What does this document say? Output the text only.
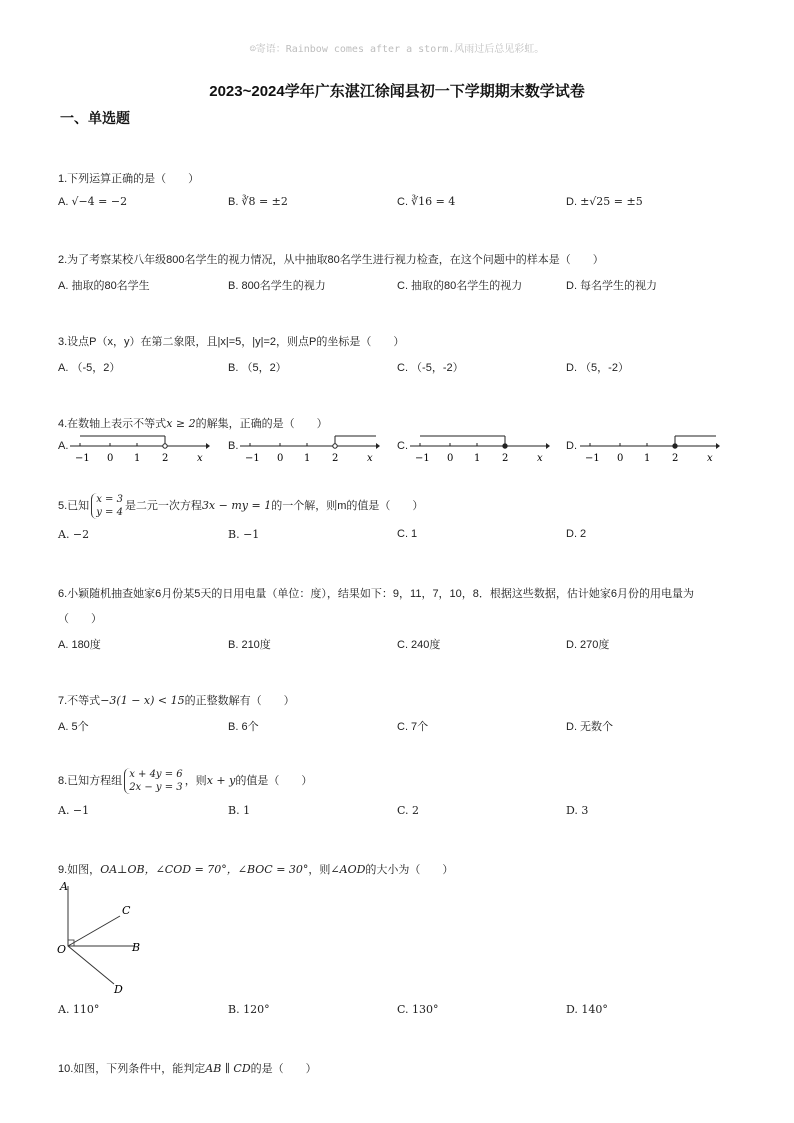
☺寄语：Rainbow comes after a storm.风雨过后总见彩虹。
2023~2024学年广东湛江徐闻县初一下学期期末数学试卷
一、单选题
1.下列运算正确的是（　　）
A. √−4 = −2	B. ∛8 = ±2	C. ∛16 = 4	D. ±√25 = ±5
2.为了考察某校八年级800名学生的视力情况，从中抽取80名学生进行视力检查，在这个问题中的样本是（　　）
A. 抽取的80名学生	B. 800名学生的视力	C. 抽取的80名学生的视力	D. 每名学生的视力
3.设点P（x，y）在第二象限，且|x|=5，|y|=2，则点P的坐标是（　　）
A. （-5，2）	B. （5，2）	C. （-5，-2）	D. （5，-2）
4.在数轴上表示不等式x ≥ 2的解集，正确的是（　　）
A.	B.	C.	D.
−1 0 1 2	x	−1 0 1 2	x	−1 0 1 2	x	−1 0 1 2	x
5.已知x = 3
y = 4是二元一次方程3x − my = 1的一个解，则m的值是（　　）
A. −2	B. −1	C. 1	D. 2
6.小颖随机抽查她家6月份某5天的日用电量（单位：度），结果如下：9，11，7，10，8．根据这些数据，估计她家6月份的用电量为
（　　）
A. 180度	B. 210度	C. 240度	D. 270度
7.不等式−3(1 − x) < 15的正整数解有（　　）
A. 5个	B. 6个	C. 7个	D. 无数个
8.已知方程组x + 4y = 6
2x − y = 3，则x + y的值是（　　）
A. −1	B. 1	C. 2	D. 3
9.如图，OA⊥OB，∠COD = 70°，∠BOC = 30°，则∠AOD的大小为（　　）
A
C
B
O
D
A. 110°	B. 120°	C. 130°	D. 140°
10.如图，下列条件中，能判定AB ∥ CD的是（　　）
